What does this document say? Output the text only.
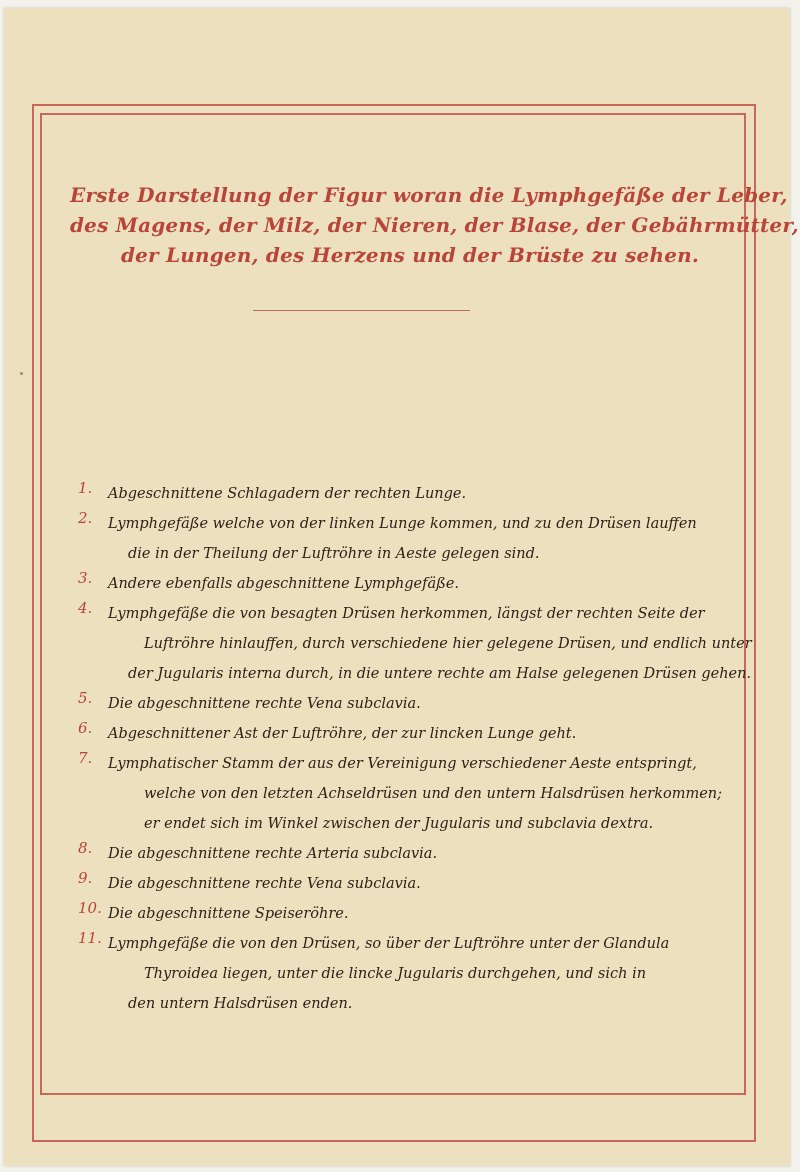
Erste Darstellung der Figur woran die Lymphgefäße der Leber,
des Magens, der Milz, der Nieren, der Blase, der Gebährmütter,
der Lungen, des Herzens und der Brüste zu sehen.
1.	Abgeschnittene Schlagadern der rechten Lunge.
2.	Lymphgefäße welche von der linken Lunge kommen, und zu den Drüsen lauffen
die in der Theilung der Luftröhre in Aeste gelegen sind.
3.	Andere ebenfalls abgeschnittene Lymphgefäße.
4.	Lymphgefäße die von besagten Drüsen herkommen, längst der rechten Seite der
Luftröhre hinlauffen, durch verschiedene hier gelegene Drüsen, und endlich unter
der Jugularis interna durch, in die untere rechte am Halse gelegenen Drüsen gehen.
5.	Die abgeschnittene rechte Vena subclavia.
6.	Abgeschnittener Ast der Luftröhre, der zur lincken Lunge geht.
7.	Lymphatischer Stamm der aus der Vereinigung verschiedener Aeste entspringt,
welche von den letzten Achseldrüsen und den untern Halsdrüsen herkommen;
er endet sich im Winkel zwischen der Jugularis und subclavia dextra.
8.	Die abgeschnittene rechte Arteria subclavia.
9.	Die abgeschnittene rechte Vena subclavia.
10. Die abgeschnittene Speiseröhre.
11. Lymphgefäße die von den Drüsen, so über der Luftröhre unter der Glandula
Thyroidea liegen, unter die lincke Jugularis durchgehen, und sich in
den untern Halsdrüsen enden.
